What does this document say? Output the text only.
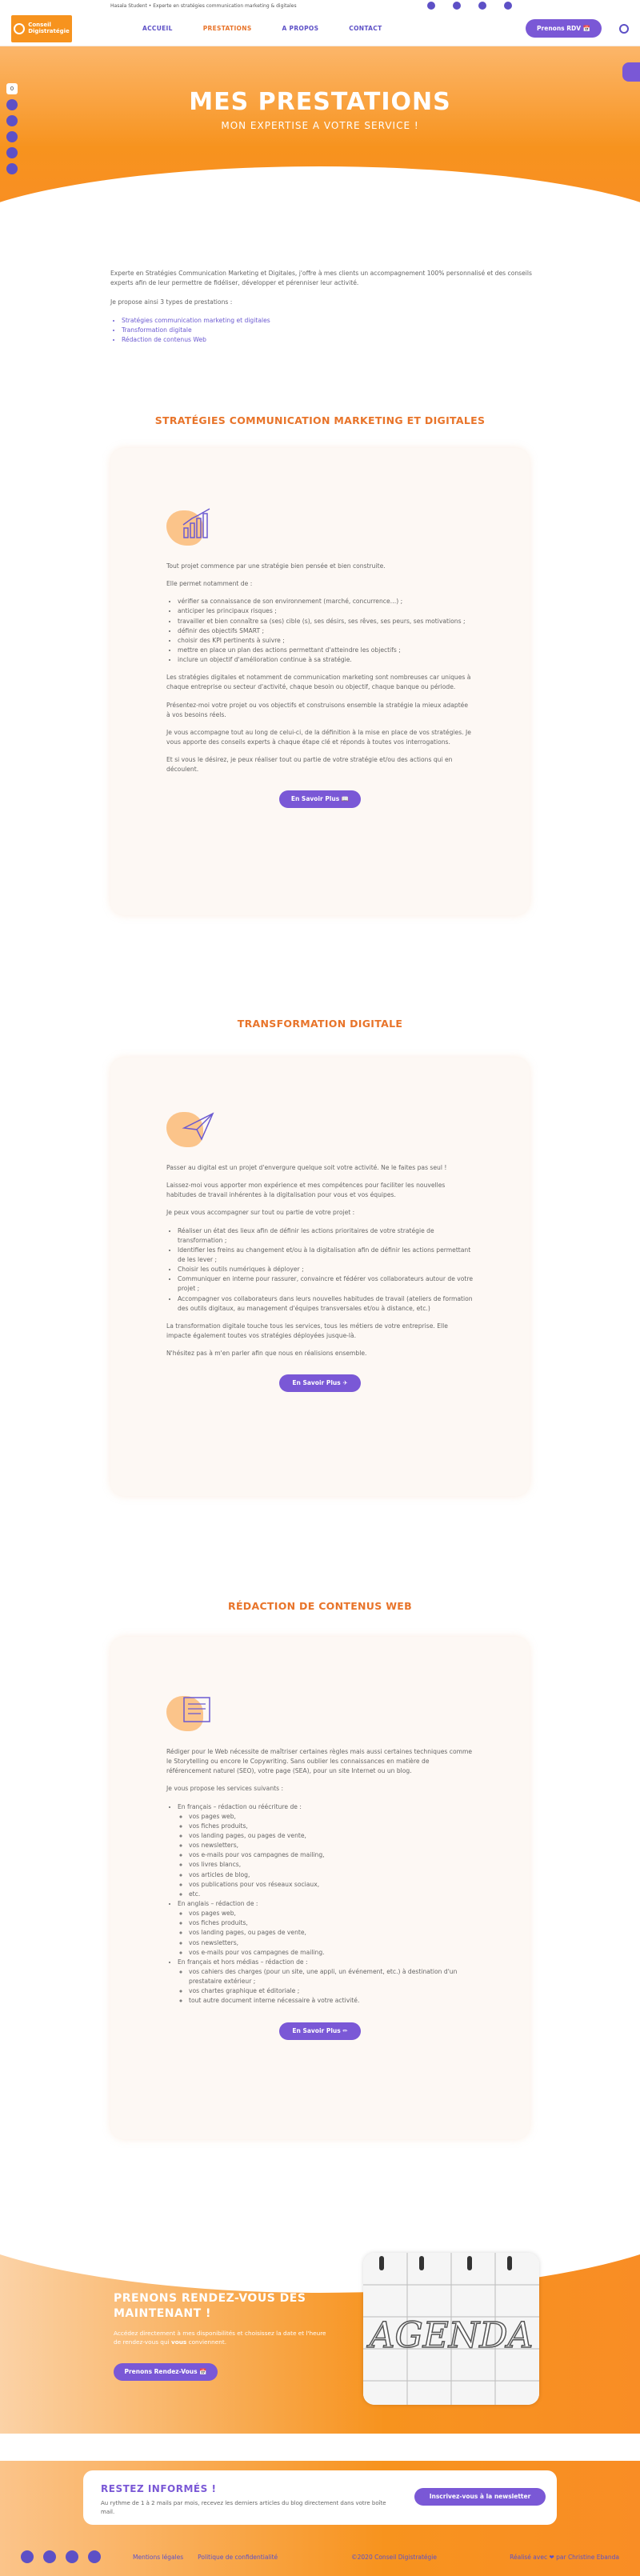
Hasala Student • Experte en stratégies communication marketing & digitales
Conseil
Digistratégie	ACCUEIL	PRESTATIONS	A PROPOS	CONTACT	Prenons RDV 📅
MES PRESTATIONS
MON EXPERTISE A VOTRE SERVICE !
0

Experte en Stratégies Communication Marketing et Digitales, j'offre à mes clients un accompagnement 100% personnalisé et des conseils experts afin de leur permettre de fidéliser, développer et pérenniser leur activité.

Je propose ainsi 3 types de prestations :

• Stratégies communication marketing et digitales
• Transformation digitale
• Rédaction de contenus Web
STRATÉGIES COMMUNICATION MARKETING ET DIGITALES

Tout projet commence par une stratégie bien pensée et bien construite.

Elle permet notamment de :

• vérifier sa connaissance de son environnement (marché, concurrence…) ;
• anticiper les principaux risques ;
• travailler et bien connaître sa (ses) cible (s), ses désirs, ses rêves, ses peurs, ses motivations ;
• définir des objectifs SMART ;
• choisir des KPI pertinents à suivre ;
• mettre en place un plan des actions permettant d'atteindre les objectifs ;
• inclure un objectif d'amélioration continue à sa stratégie.

Les stratégies digitales et notamment de communication marketing sont nombreuses car uniques à chaque entreprise ou secteur d'activité, chaque besoin ou objectif, chaque banque ou période.

Présentez-moi votre projet ou vos objectifs et construisons ensemble la stratégie la mieux adaptée à vos besoins réels.

Je vous accompagne tout au long de celui-ci, de la définition à la mise en place de vos stratégies. Je vous apporte des conseils experts à chaque étape clé et réponds à toutes vos interrogations.

Et si vous le désirez, je peux réaliser tout ou partie de votre stratégie et/ou des actions qui en découlent.

En Savoir Plus 📖
TRANSFORMATION DIGITALE

Passer au digital est un projet d'envergure quelque soit votre activité. Ne le faites pas seul !

Laissez-moi vous apporter mon expérience et mes compétences pour faciliter les nouvelles habitudes de travail inhérentes à la digitalisation pour vous et vos équipes.

Je peux vous accompagner sur tout ou partie de votre projet :

• Réaliser un état des lieux afin de définir les actions prioritaires de votre stratégie de transformation ;
• Identifier les freins au changement et/ou à la digitalisation afin de définir les actions permettant de les lever ;
• Choisir les outils numériques à déployer ;
• Communiquer en interne pour rassurer, convaincre et fédérer vos collaborateurs autour de votre projet ;
• Accompagner vos collaborateurs dans leurs nouvelles habitudes de travail (ateliers de formation des outils digitaux, au management d'équipes transversales et/ou à distance, etc.)

La transformation digitale touche tous les services, tous les métiers de votre entreprise. Elle impacte également toutes vos stratégies déployées jusque-là.

N'hésitez pas à m'en parler afin que nous en réalisions ensemble.

En Savoir Plus ✈
RÉDACTION DE CONTENUS WEB

Rédiger pour le Web nécessite de maîtriser certaines règles mais aussi certaines techniques comme le Storytelling ou encore le Copywriting. Sans oublier les connaissances en matière de référencement naturel (SEO), votre page (SEA), pour un site Internet ou un blog.

Je vous propose les services suivants :

• En français – rédaction ou réécriture de :
◦ vos pages web,
◦ vos fiches produits,
◦ vos landing pages, ou pages de vente,
◦ vos newsletters,
◦ vos e-mails pour vos campagnes de mailing,
◦ vos livres blancs,
◦ vos articles de blog,
◦ vos publications pour vos réseaux sociaux,
◦ etc.
• En anglais – rédaction de :
◦ vos pages web,
◦ vos fiches produits,
◦ vos landing pages, ou pages de vente,
◦ vos newsletters,
◦ vos e-mails pour vos campagnes de mailing.
• En français et hors médias – rédaction de :
◦ vos cahiers des charges (pour un site, une appli, un événement, etc.) à destination d'un prestataire extérieur ;
◦ vos chartes graphique et éditoriale ;
◦ tout autre document interne nécessaire à votre activité.
En Savoir Plus ✏
PRENONS RENDEZ-VOUS DÈS
MAINTENANT !

Accédez directement à mes disponibilités et choisissez la date et l'heure de rendez-vous qui vous conviennent.

Prenons Rendez-Vous 📅
AGENDA
RESTEZ INFORMÉS !

Au rythme de 1 à 2 mails par mois, recevez les derniers articles du blog directement dans votre boîte mail.

Inscrivez-vous à la newsletter
Mentions légales Politique de confidentialité	©2020 Conseil Digistratégie	Réalisé avec ❤ par Christine Ebanda
